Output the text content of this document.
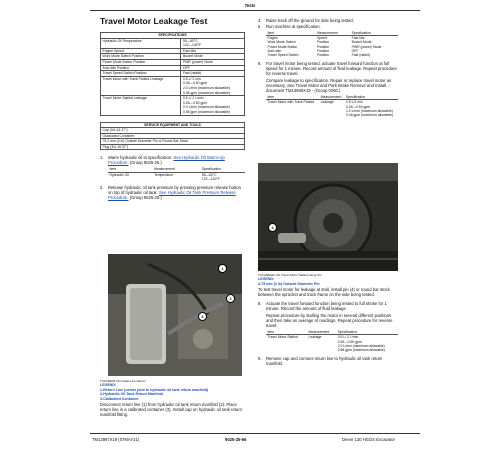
Tests
Travel Motor Leakage Test
SPECIFICATIONS	
Hydraulic Oil Temperature	50—60°C
122—140°F
Engine Speed	Fast Idle
Work Mode Switch Position	Bucket Mode
Power Mode Button Position	PWR (power) Mode
Auto-Idle Position	OFF
Travel Speed Switch Position	Fast (rabbit)
Travel Motor with Track Parked Leakage	0.5 L/ 2 min
0.26—0.50 gpm
2.0 L/min (maximum allowable)
0.46 gpm (maximum allowable)
Travel Motor Stalled Leakage	0.5 L/ 2 L/min
0.26—0.50 gpm
2.0 L/min (maximum allowable)
0.56 gpm (maximum allowable)
SERVICE EQUIPMENT AND TOOLS
Cap (3/4-16 37°)
Graduated Container
75.2 mm (3 in) Outside Diameter Pin or Round Bar Stock
Plug (3/4-16 37°)
1.	Warm hydraulic oil to specification. See Hydraulic Oil Warm-Up Procedure. (Group 9025-25.)
Item	Measurement	Specification
Hydraulic Oil	Temperature	50—60°C
122—140°F
2.	Release hydraulic oil tank pressure by pressing pressure release button on top of hydraulic oil tank. See Hydraulic Oil Tank Pressure Release Procedure. (Group 9025-25.)
1
2
3
TX1139964 UN Outlet Line Return
LEGEND:
1-Return Line (center joint to hydraulic oil tank return manifold)
2-Hydraulic Oil Tank Return Manifold
3-Calibrated Container
Disconnect return line (1) from hydraulic oil tank return manifold (2). Place return line in a calibrated container (3). Install cap on hydraulic oil tank return manifold fitting.
4.	Raise track off the ground for side being tested.
5.	Run machine at specification.
Item	Measurement	Specification
Engine	Speed	Fast Idle
Work Mode Switch	Position	Bucket Mode
Power Mode Button	Position	PWR (power) Mode
Auto-Idle	Position	OFF
Travel Speed Switch	Position	Fast (rabbit)
6.	For travel motor being tested, actuate travel forward function at full speed for 1 minute. Record amount of fluid leakage. Repeat procedure for reverse travel.
Compare leakage to specification. Repair or replace travel motor as necessary. See Travel Motor and Park Brake Remove and Install. - document TM13986X19 - (Group 0260.)
Item	Measurement	Specification
Travel Motor with Track Parked	Leakage	0.5 L/2 min
0.26—0.50 gpm
1.0 L/min (maximum allowable)
0.46 gpm (maximum allowable)
4
TX1139664A UN Travel Motor Stalled Using Pin
LEGEND:
4-75 mm (3 in) Outside Diameter Pin
To test travel motor for leakage at stall, install pin (4) or round bar stock between the sprocket and track frame on the side being tested.
8.	Actuate the travel forward function being tested to full stroke for 1 minute. Record the amount of fluid leakage.
Repeat procedure by stalling the motor in several different positions and then take an average of readings. Repeat procedure for reverse travel.
Item	Measurement	Specification
Travel Motor Stalled	Leakage	0.5 L/ 2 L/min
0.26—0.50 gpm
2.0 L/min (maximum allowable)
0.58 gpm (maximum allowable)
9.	Remove cap and connect return line to hydraulic oil tank return manifold.
TM13987X19 (07MAY21)	9025-25-66	Deere 130 HGOS Excavator
